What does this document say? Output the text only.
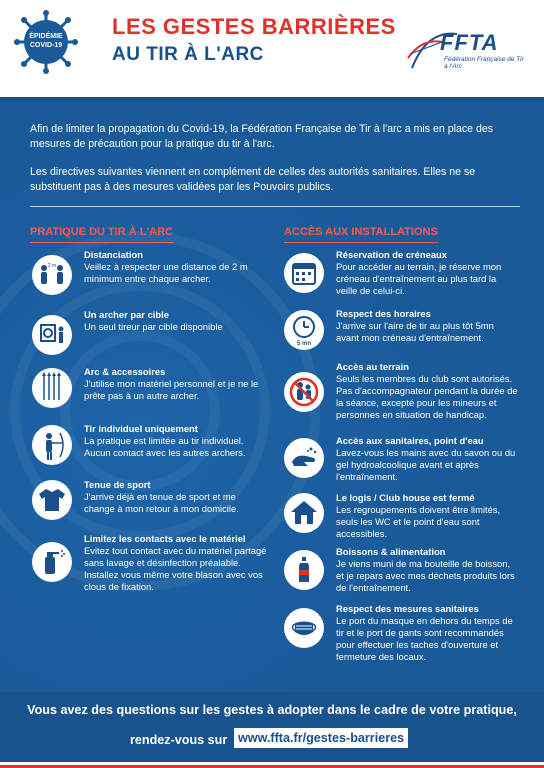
ÉPIDÉMIE
COVID-19
LES GESTES BARRIÈRES
AU TIR À L'ARC	FFTA
Fédération Française de Tir à l'Arc
Afin de limiter la propagation du Covid-19, la Fédération Française de Tir à l'arc a mis en place des mesures de précaution pour la pratique du tir à l'arc.
Les directives suivantes viennent en complément de celles des autorités sanitaires. Elles ne se substituent pas à des mesures validées par les Pouvoirs publics.
PRATIQUE DU TIR À L'ARC	ACCÈS AUX INSTALLATIONS
2 m
Distanciation
Veillez à respecter une distance de 2 m minimum entre chaque archer.
Un archer par cible
Un seul tireur par cible disponible
Arc & accessoires
J'utilise mon matériel personnel et je ne le prête pas à un autre archer.
Tir individuel uniquement
La pratique est limitée au tir individuel. Aucun contact avec les autres archers.
Tenue de sport
J'arrive déjà en tenue de sport et me change à mon retour à mon domicile.
Limitez les contacts avec le matériel
Evitez tout contact avec du matériel partagé sans lavage et désinfection préalable. Installez vous même votre blason avec vos clous de fixation.
Réservation de créneaux
Pour accéder au terrain, je réserve mon créneau d'entraînement au plus tard la veille de celui-ci.
5 mn
Respect des horaires
J'arrive sur l'aire de tir au plus tôt 5mn avant mon créneau d'entraînement.
Accès au terrain
Seuls les membres du club sont autorisés. Pas d'accompagnateur pendant la durée de la séance, excepté pour les mineurs et personnes en situation de handicap.
Accès aux sanitaires, point d'eau
Lavez-vous les mains avec du savon ou du gel hydroalcoolique avant et après l'entraînement.
Le logis / Club house est fermé
Les regroupements doivent être limités, seuls les WC et le point d'eau sont accessibles.
Boissons & alimentation
Je viens muni de ma bouteille de boisson, et je repars avec mes déchets produits lors de l'entraînement.
Respect des mesures sanitaires
Le port du masque en dehors du temps de tir et le port de gants sont recommandés pour effectuer les taches d'ouverture et fermeture des locaux.
Vous avez des questions sur les gestes à adopter dans le cadre de votre pratique,
rendez-vous sur www.ffta.fr/gestes-barrieres
